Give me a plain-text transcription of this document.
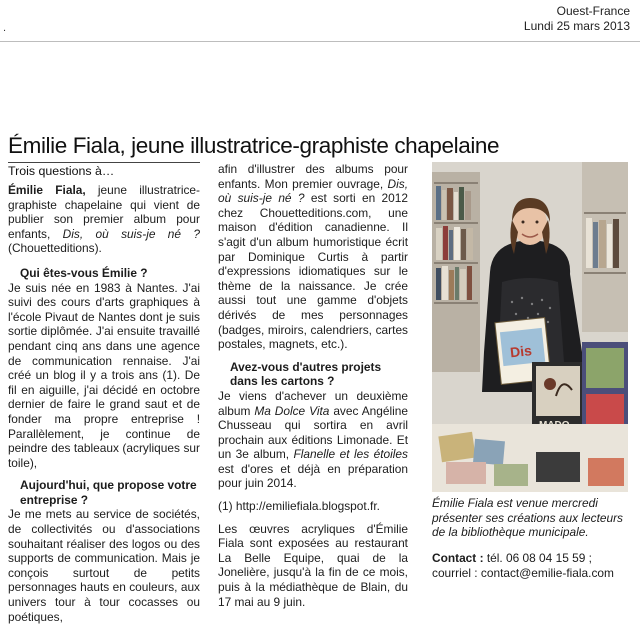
Ouest-France
Lundi 25 mars 2013
.
Émilie Fiala, jeune illustratrice-graphiste chapelaine
Trois questions à…

Émilie Fiala, jeune illustratrice-graphiste chapelaine qui vient de publier son premier album pour enfants, Dis, où suis-je né ? (Chouetteditions).

Qui êtes-vous Émilie ?

Je suis née en 1983 à Nantes. J'ai suivi des cours d'arts graphiques à l'école Pivaut de Nantes dont je suis sortie diplômée. J'ai ensuite travaillé pendant cinq ans dans une agence de communication rennaise. J'ai créé un blog il y a trois ans (1). De fil en aiguille, j'ai décidé en octobre dernier de faire le grand saut et de fonder ma propre entreprise ! Parallèlement, je continue de peindre des tableaux (acryliques sur toile),

Aujourd'hui, que propose votre entreprise ?

Je me mets au service de sociétés, de collectivités ou d'associations souhaitant réaliser des logos ou des supports de communication. Mais je conçois surtout de petits personnages hauts en couleurs, aux univers tour à tour cocasses ou poétiques,

afin d'illustrer des albums pour enfants. Mon premier ouvrage, Dis, où suis-je né ? est sorti en 2012 chez Chouetteditions.com, une maison d'édition canadienne. Il s'agit d'un album humoristique écrit par Dominique Curtis à partir d'expressions idiomatiques sur le thème de la naissance. Je crée aussi tout une gamme d'objets dérivés de mes personnages (badges, miroirs, calendriers, cartes postales, magnets, etc.).

Avez-vous d'autres projets dans les cartons ?

Je viens d'achever un deuxième album Ma Dolce Vita avec Angéline Chusseau qui sortira en avril prochain aux éditions Limonade. Et un 3e album, Flanelle et les étoiles est d'ores et déjà en préparation pour juin 2014.

(1) http://emiliefiala.blogspot.fr.

Les œuvres acryliques d'Émilie Fiala sont exposées au restaurant La Belle Equipe, quai de la Jonelière, jusqu'à la fin de ce mois, puis à la médiathèque de Blain, du 17 mai au 9 juin.

Dis
Émilie Fiala est venue mercredi présenter ses créations aux lecteurs de la bibliothèque municipale.
Contact : tél. 06 08 04 15 59 ; courriel : contact@emilie-fiala.com
